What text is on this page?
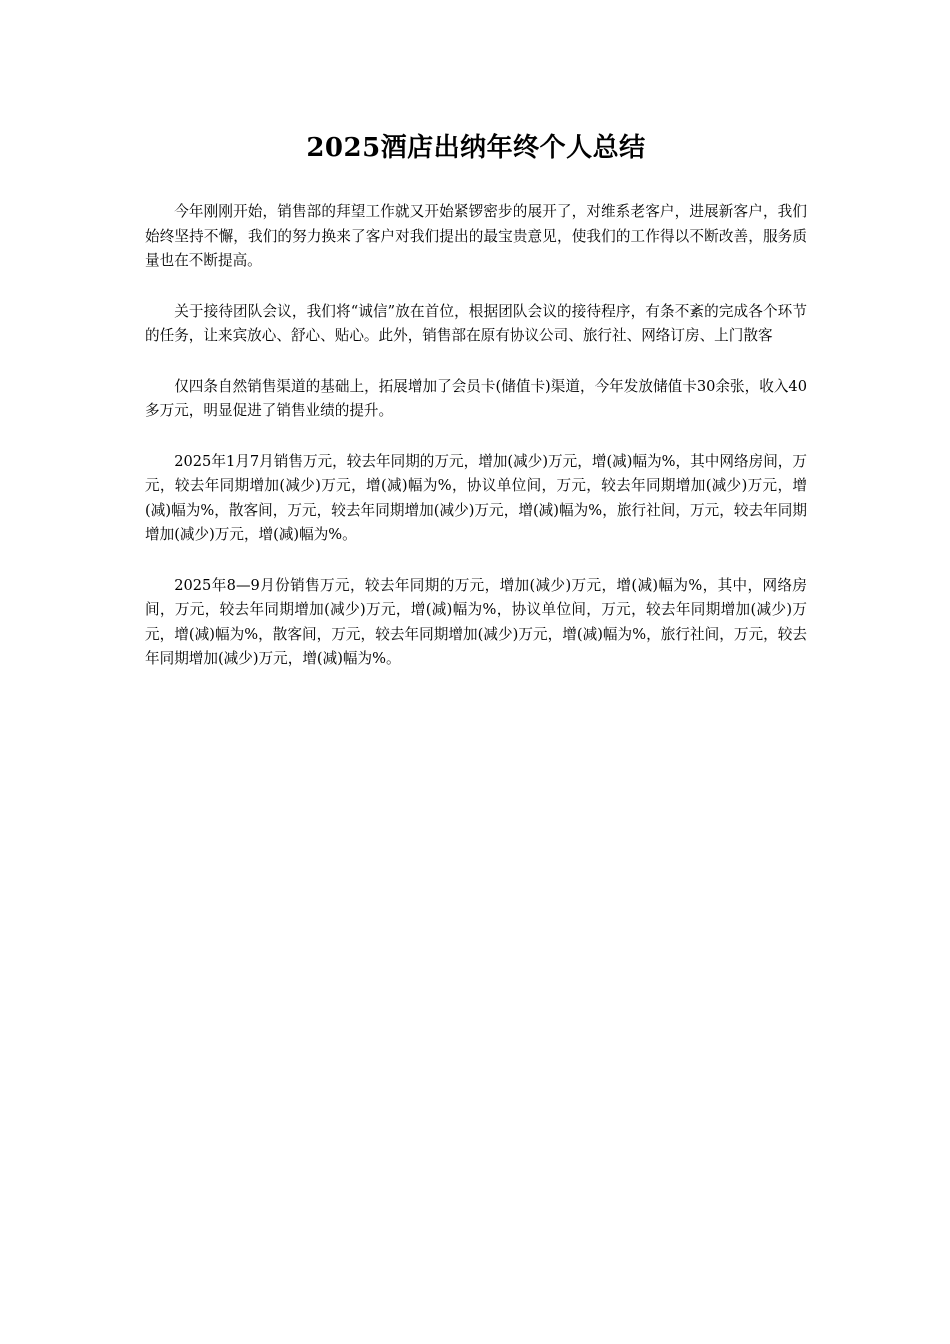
2025酒店出纳年终个人总结

今年刚刚开始，销售部的拜望工作就又开始紧锣密步的展开了，对维系老客户，进展新客户，我们始终坚持不懈，我们的努力换来了客户对我们提出的最宝贵意见，使我们的工作得以不断改善，服务质量也在不断提高。

关于接待团队会议，我们将“诚信”放在首位，根据团队会议的接待程序，有条不紊的完成各个环节的任务，让来宾放心、舒心、贴心。此外，销售部在原有协议公司、旅行社、网络订房、上门散客

仅四条自然销售渠道的基础上，拓展增加了会员卡(储值卡)渠道，今年发放储值卡30余张，收入40多万元，明显促进了销售业绩的提升。

2025年1月7月销售万元，较去年同期的万元，增加(减少)万元，增(减)幅为%，其中网络房间，万元，较去年同期增加(减少)万元，增(减)幅为%，协议单位间，万元，较去年同期增加(减少)万元，增(减)幅为%，散客间，万元，较去年同期增加(减少)万元，增(减)幅为%，旅行社间，万元，较去年同期增加(减少)万元，增(减)幅为%。

2025年8—9月份销售万元，较去年同期的万元，增加(减少)万元，增(减)幅为%，其中，网络房间，万元，较去年同期增加(减少)万元，增(减)幅为%，协议单位间，万元，较去年同期增加(减少)万元，增(减)幅为%，散客间，万元，较去年同期增加(减少)万元，增(减)幅为%，旅行社间，万元，较去年同期增加(减少)万元，增(减)幅为%。
